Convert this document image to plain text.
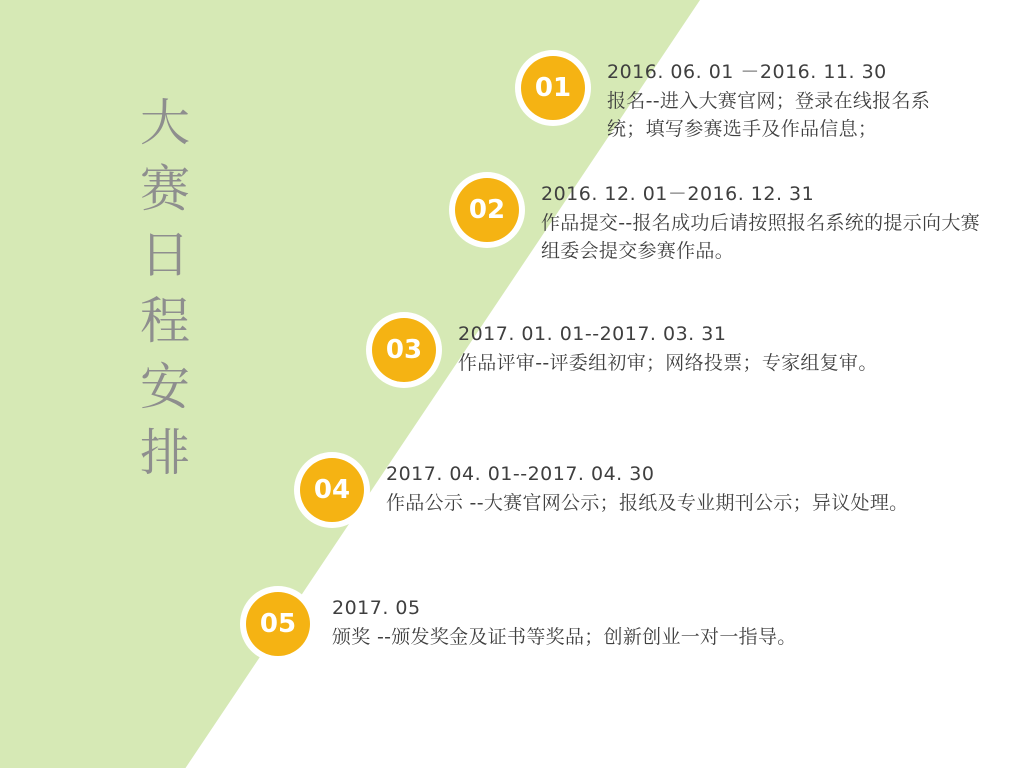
大
赛
日
程
安
排
01
2016. 06. 01 －2016. 11. 30
报名--进入大赛官网；登录在线报名系统；填写参赛选手及作品信息；
02
2016. 12. 01－2016. 12. 31
作品提交--报名成功后请按照报名系统的提示向大赛组委会提交参赛作品。
03
2017. 01. 01--2017. 03. 31
作品评审--评委组初审；网络投票；专家组复审。
04
2017. 04. 01--2017. 04. 30
作品公示 --大赛官网公示；报纸及专业期刊公示；异议处理。
05
2017. 05
颁奖 --颁发奖金及证书等奖品；创新创业一对一指导。
